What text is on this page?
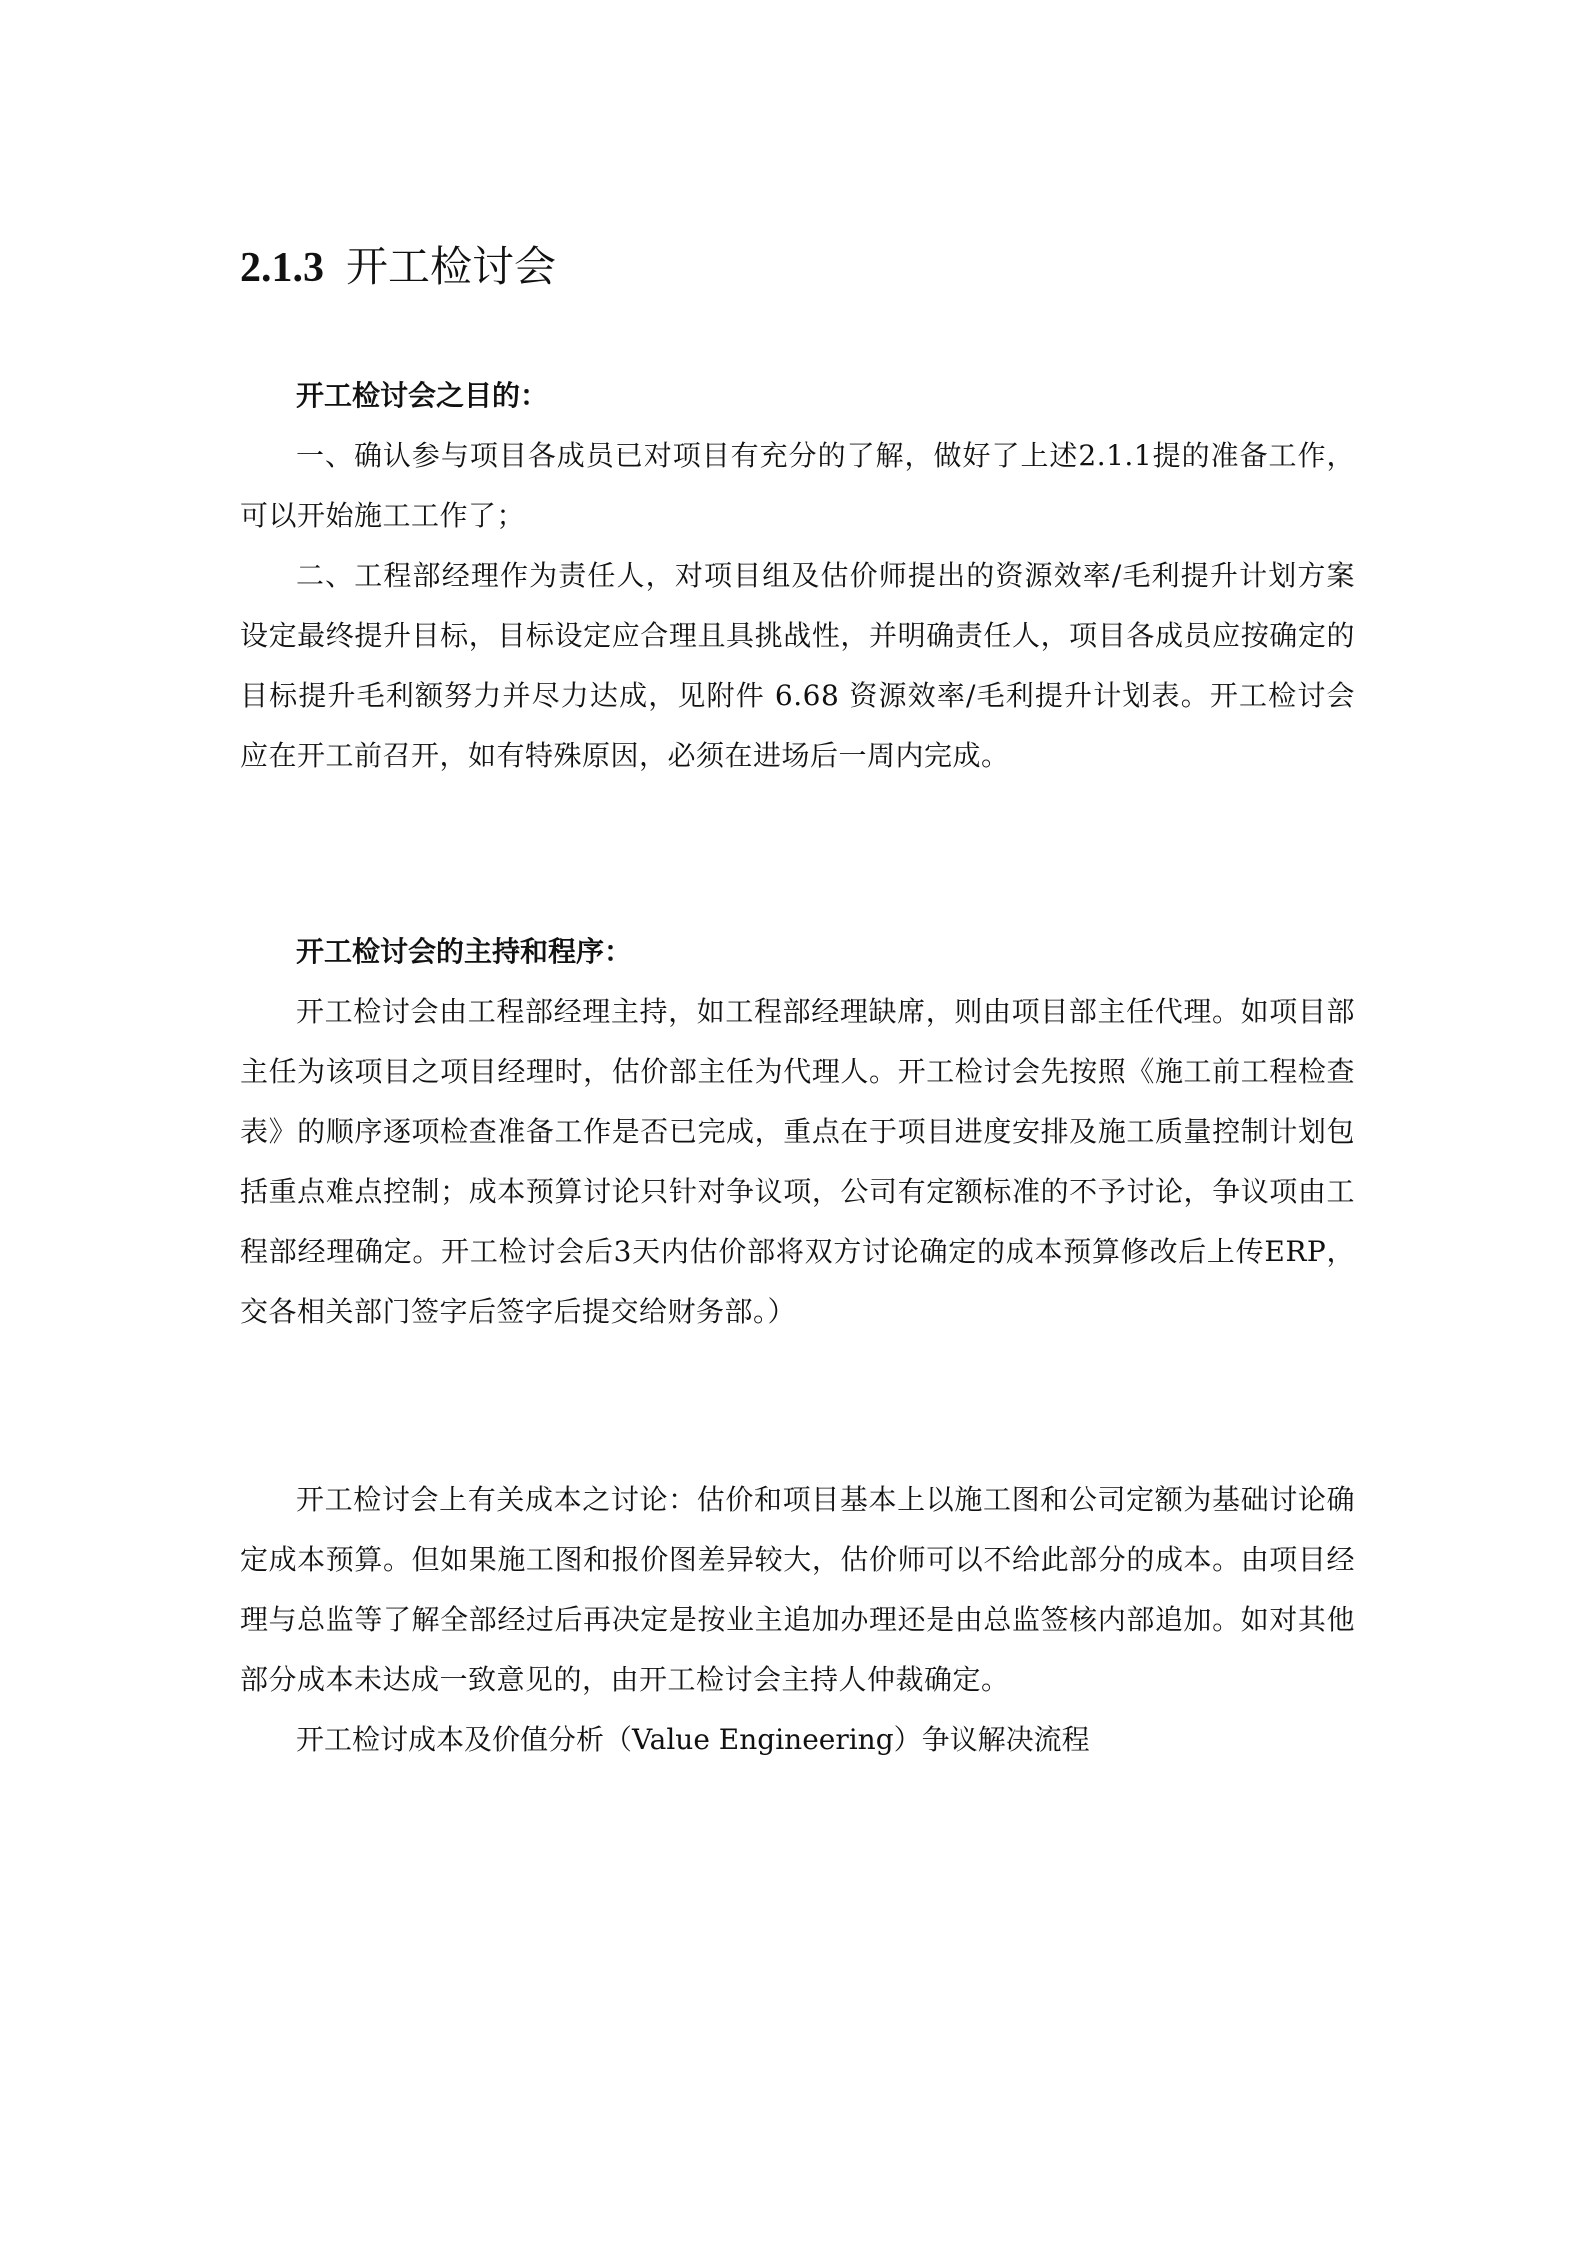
2.1.3 开工检讨会

开工检讨会之目的：

一、确认参与项目各成员已对项目有充分的了解，做好了上述2.1.1提的准备工作，可以开始施工工作了；

二、工程部经理作为责任人，对项目组及估价师提出的资源效率/毛利提升计划方案设定最终提升目标，目标设定应合理且具挑战性，并明确责任人，项目各成员应按确定的目标提升毛利额努力并尽力达成，见附件 6.68 资源效率/毛利提升计划表。开工检讨会应在开工前召开，如有特殊原因，必须在进场后一周内完成。

开工检讨会的主持和程序：

开工检讨会由工程部经理主持，如工程部经理缺席，则由项目部主任代理。如项目部主任为该项目之项目经理时，估价部主任为代理人。开工检讨会先按照《施工前工程检查表》的顺序逐项检查准备工作是否已完成，重点在于项目进度安排及施工质量控制计划包括重点难点控制；成本预算讨论只针对争议项，公司有定额标准的不予讨论，争议项由工程部经理确定。开工检讨会后3天内估价部将双方讨论确定的成本预算修改后上传ERP，交各相关部门签字后签字后提交给财务部。）

开工检讨会上有关成本之讨论：估价和项目基本上以施工图和公司定额为基础讨论确定成本预算。但如果施工图和报价图差异较大，估价师可以不给此部分的成本。由项目经理与总监等了解全部经过后再决定是按业主追加办理还是由总监签核内部追加。如对其他部分成本未达成一致意见的，由开工检讨会主持人仲裁确定。

开工检讨成本及价值分析（Value Engineering）争议解决流程
